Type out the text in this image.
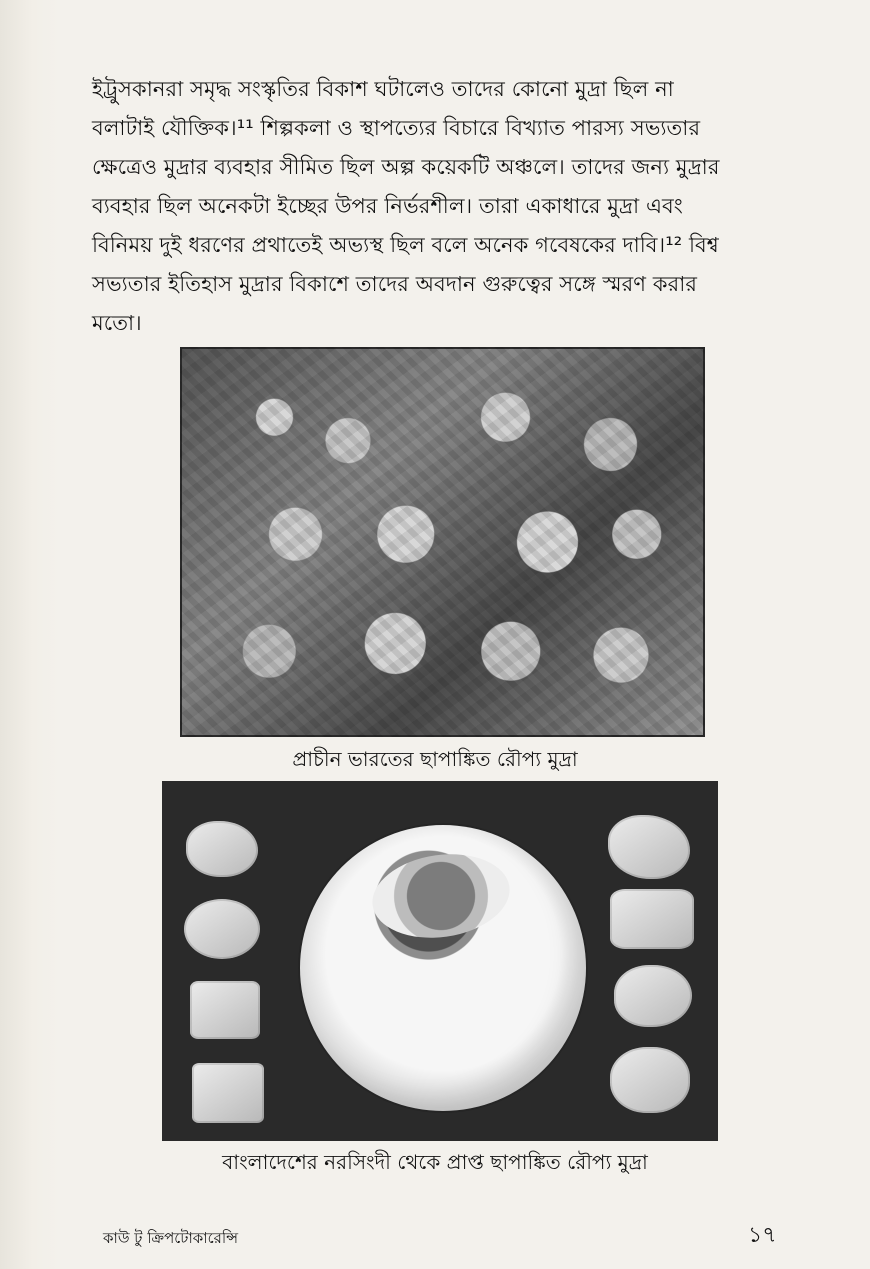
ইট্রুসকানরা সমৃদ্ধ সংস্কৃতির বিকাশ ঘটালেও তাদের কোনো মুদ্রা ছিল না
বলাটাই যৌক্তিক।¹¹ শিল্পকলা ও স্থাপত্যের বিচারে বিখ্যাত পারস্য সভ্যতার
ক্ষেত্রেও মুদ্রার ব্যবহার সীমিত ছিল অল্প কয়েকটি অঞ্চলে। তাদের জন্য মুদ্রার
ব্যবহার ছিল অনেকটা ইচ্ছের উপর নির্ভরশীল। তারা একাধারে মুদ্রা এবং
বিনিময় দুই ধরণের প্রথাতেই অভ্যস্থ ছিল বলে অনেক গবেষকের দাবি।¹² বিশ্ব
সভ্যতার ইতিহাস মুদ্রার বিকাশে তাদের অবদান গুরুত্বের সঙ্গে স্মরণ করার
মতো।
প্রাচীন ভারতের ছাপাঙ্কিত রৌপ্য মুদ্রা
বাংলাদেশের নরসিংদী থেকে প্রাপ্ত ছাপাঙ্কিত রৌপ্য মুদ্রা
কাউ টু ক্রিপটোকারেন্সি	১৭
